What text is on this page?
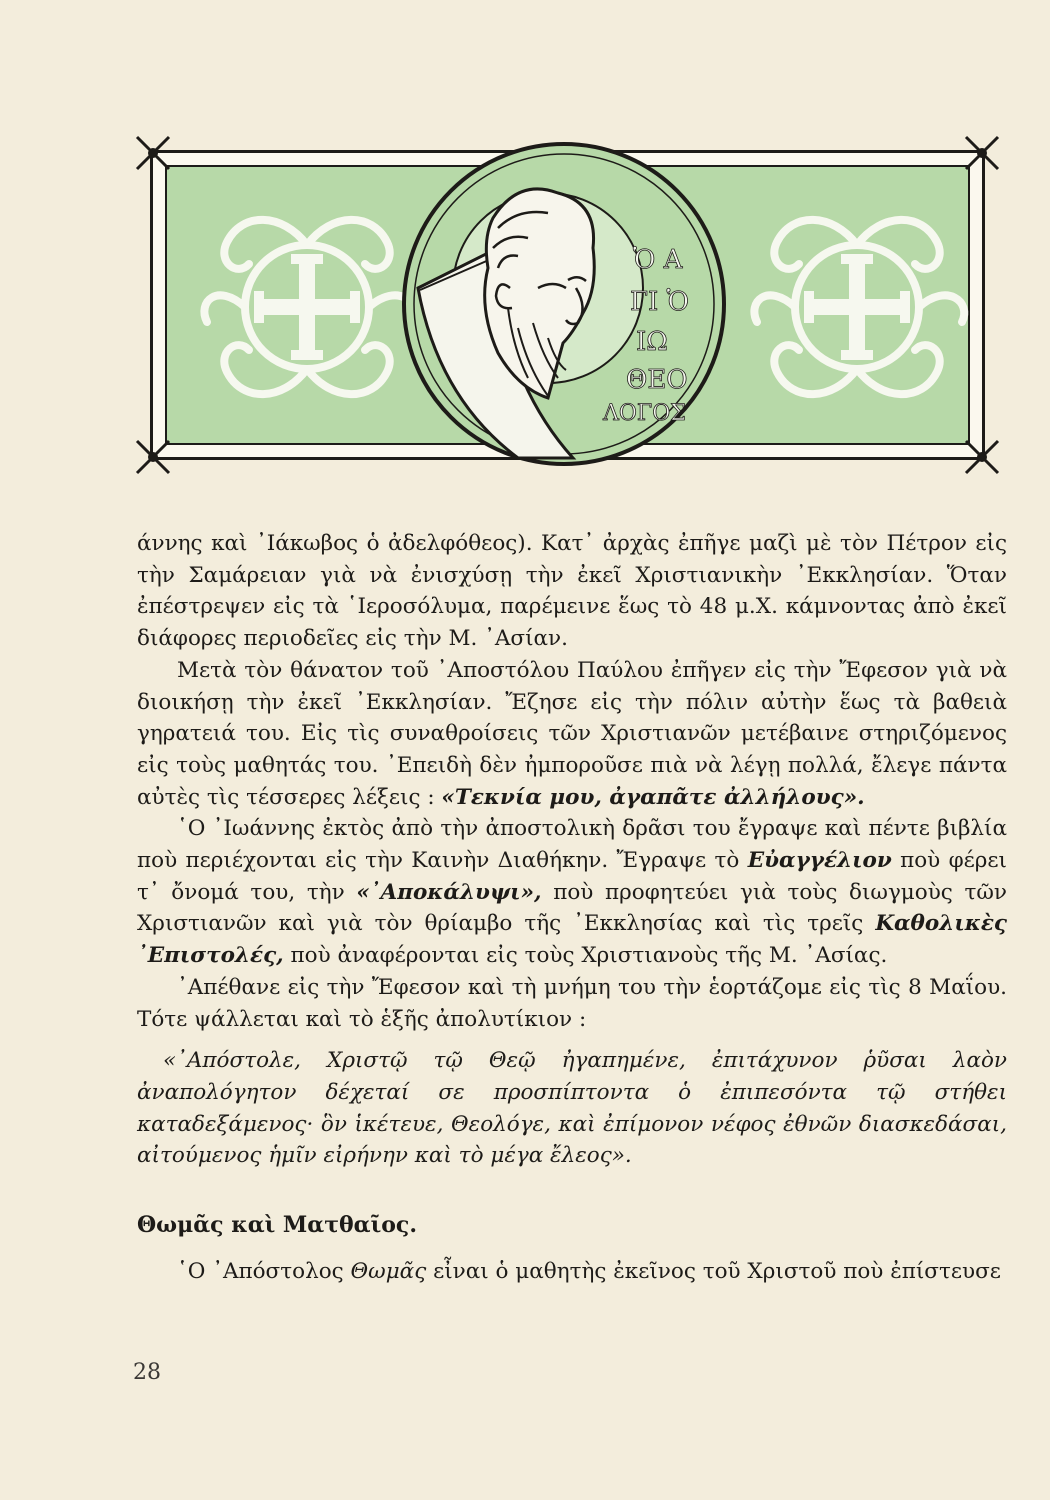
Ὁ Α
ΓΙ Ὁ
ΙΩ
ΘΕΟ
ΛΟΓΟΣ

άννης καὶ ᾿Ιάκωβος ὁ ἀδελφόθεος). Κατ᾿ ἀρχὰς ἐπῆγε μαζὶ μὲ τὸν Πέτρον εἰς τὴν Σαμάρειαν γιὰ νὰ ἐνισχύσῃ τὴν ἐκεῖ Χριστιανικὴν ᾿Εκκλησίαν. Ὅταν ἐπέστρεψεν εἰς τὰ ῾Ιεροσόλυμα, παρέμεινε ἕως τὸ 48 μ.Χ. κάμνοντας ἀπὸ ἐκεῖ διάφορες περιοδεῖες εἰς τὴν Μ. ᾿Ασίαν.

Μετὰ τὸν θάνατον τοῦ ᾿Αποστόλου Παύλου ἐπῆγεν εἰς τὴν Ἔφεσον γιὰ νὰ διοικήσῃ τὴν ἐκεῖ ᾿Εκκλησίαν. Ἔζησε εἰς τὴν πόλιν αὐτὴν ἕως τὰ βαθειὰ γηρατειά του. Εἰς τὶς συναθροίσεις τῶν Χριστιανῶν μετέβαινε στηριζόμενος εἰς τοὺς μαθητάς του. ᾿Επειδὴ δὲν ἠμποροῦσε πιὰ νὰ λέγῃ πολλά, ἔλεγε πάντα αὐτὲς τὶς τέσσερες λέξεις : «Τεκνία μου, ἀγαπᾶτε ἀλλήλους».

῾Ο ᾿Ιωάννης ἐκτὸς ἀπὸ τὴν ἀποστολικὴ δρᾶσι του ἔγραψε καὶ πέντε βιβλία ποὺ περιέχονται εἰς τὴν Καινὴν Διαθήκην. Ἔγραψε τὸ Εὐαγγέλιον ποὺ φέρει τ᾿ ὄνομά του, τὴν «᾿Αποκάλυψι», ποὺ προφητεύει γιὰ τοὺς διωγμοὺς τῶν Χριστιανῶν καὶ γιὰ τὸν θρίαμβο τῆς ᾿Εκκλησίας καὶ τὶς τρεῖς Καθολικὲς ᾿Επιστολές, ποὺ ἀναφέρονται εἰς τοὺς Χριστιανοὺς τῆς Μ. ᾿Ασίας.

᾿Απέθανε εἰς τὴν Ἔφεσον καὶ τὴ μνήμη του τὴν ἑορτάζομε εἰς τὶς 8 Μαΐου. Τότε ψάλλεται καὶ τὸ ἑξῆς ἀπολυτίκιον :

«᾿Απόστολε, Χριστῷ τῷ Θεῷ ἠγαπημένε, ἐπιτάχυνον ῥῦσαι λαὸν ἀναπολόγητον δέχεταί σε προσπίπτοντα ὁ ἐπιπεσόντα τῷ στήθει καταδεξάμενος· ὃν ἱκέτευε, Θεολόγε, καὶ ἐπίμονον νέφος ἐθνῶν διασκεδάσαι, αἰτούμενος ἡμῖν εἰρήνην καὶ τὸ μέγα ἔλεος».

Θωμᾶς καὶ Ματθαῖος.

῾Ο ᾿Απόστολος Θωμᾶς εἶναι ὁ μαθητὴς ἐκεῖνος τοῦ Χριστοῦ ποὺ ἐπίστευσε

28
